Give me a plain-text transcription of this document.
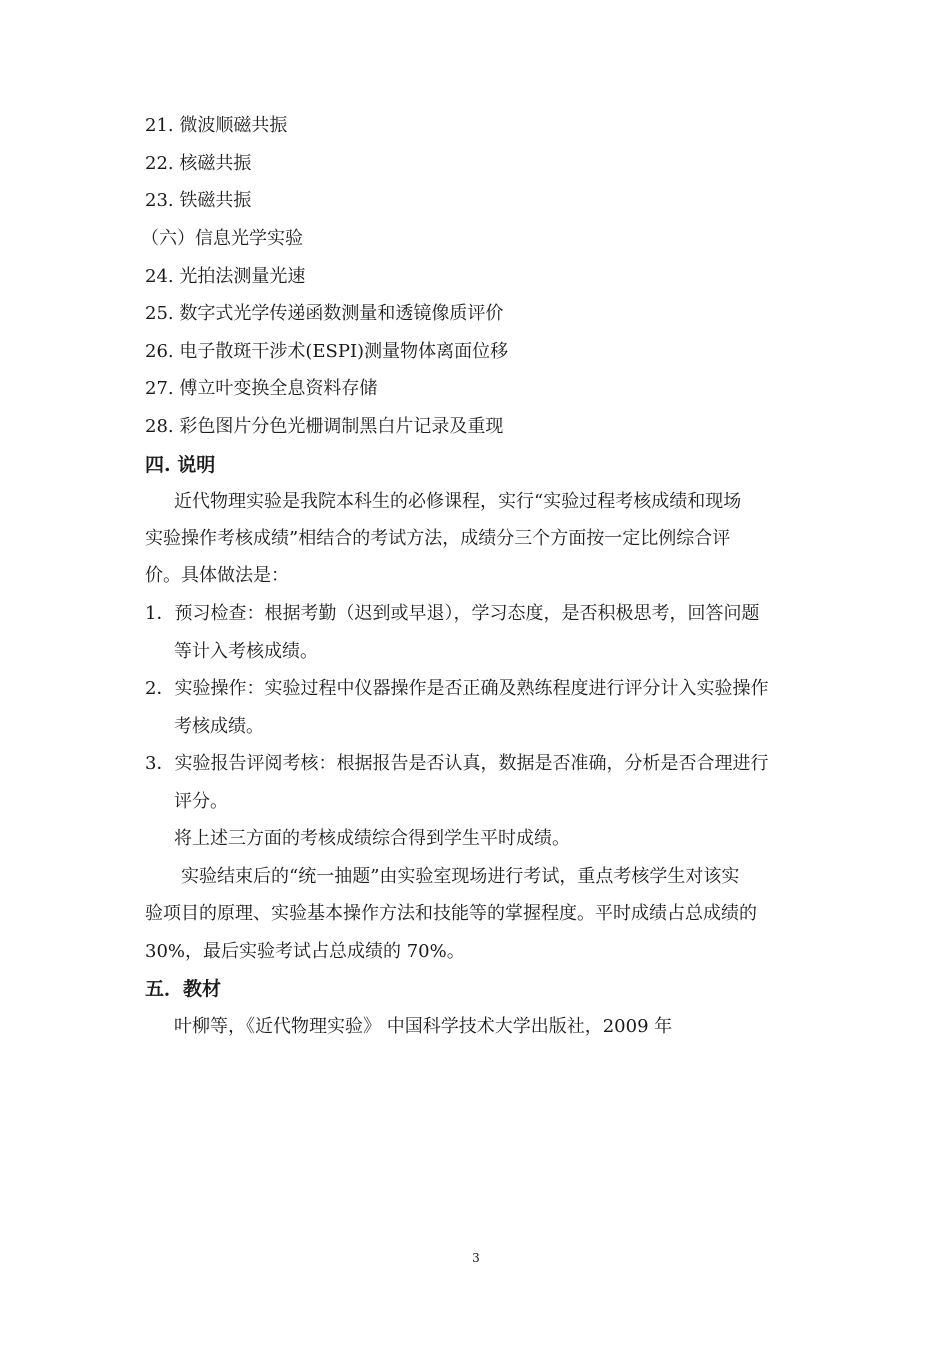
21. 微波顺磁共振
22. 核磁共振
23. 铁磁共振
（六）信息光学实验
24. 光拍法测量光速
25. 数字式光学传递函数测量和透镜像质评价
26. 电子散斑干涉术(ESPI)测量物体离面位移
27. 傅立叶变换全息资料存储
28. 彩色图片分色光栅调制黑白片记录及重现
四. 说明
近代物理实验是我院本科生的必修课程，实行“实验过程考核成绩和现场
实验操作考核成绩”相结合的考试方法，成绩分三个方面按一定比例综合评
价。具体做法是：
1．预习检查：根据考勤（迟到或早退），学习态度，是否积极思考，回答问题
等计入考核成绩。
2．实验操作：实验过程中仪器操作是否正确及熟练程度进行评分计入实验操作
考核成绩。
3．实验报告评阅考核：根据报告是否认真，数据是否准确，分析是否合理进行
评分。
将上述三方面的考核成绩综合得到学生平时成绩。
实验结束后的“统一抽题”由实验室现场进行考试，重点考核学生对该实
验项目的原理、实验基本操作方法和技能等的掌握程度。平时成绩占总成绩的
30%，最后实验考试占总成绩的 70%。
五．教材
叶柳等，《近代物理实验》 中国科学技术大学出版社，2009 年
3
